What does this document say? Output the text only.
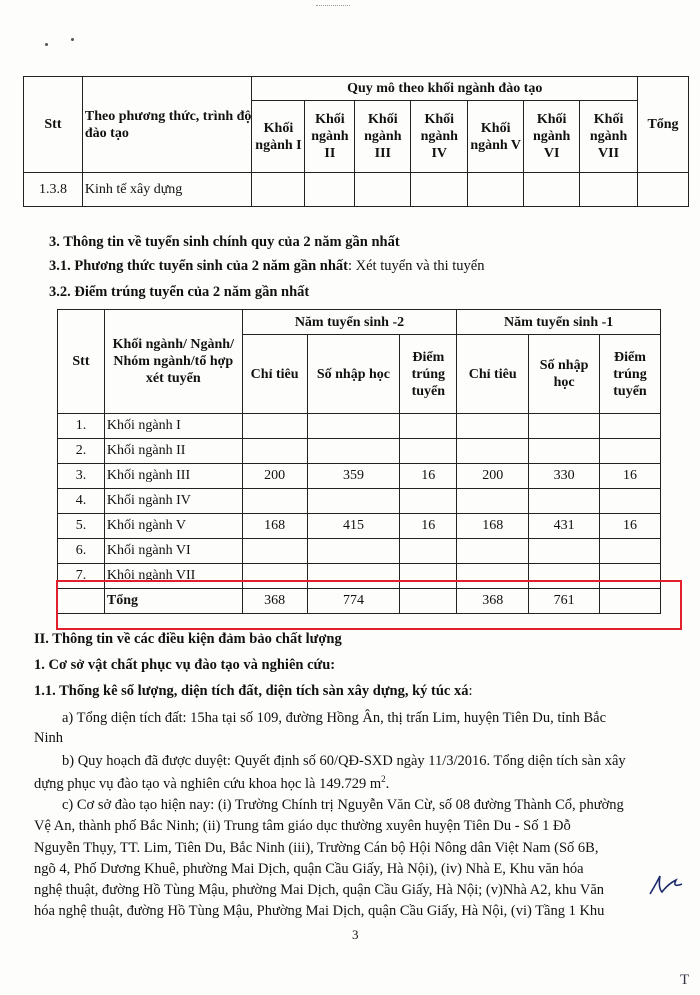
Stt	Theo phương thức, trình độ đào tạo	Quy mô theo khối ngành đào tạo							Tổng
		Khối ngành I	Khối ngành II	Khối ngành III	Khối ngành IV	Khối ngành V	Khối ngành VI	Khối ngành VII	
1.3.8	Kinh tế xây dựng								
3. Thông tin về tuyển sinh chính quy của 2 năm gần nhất
3.1. Phương thức tuyển sinh của 2 năm gần nhất: Xét tuyển và thi tuyển
3.2. Điểm trúng tuyển của 2 năm gần nhất
Stt	Khối ngành/ Ngành/ Nhóm ngành/tổ hợp xét tuyển	Năm tuyển sinh -2			Năm tuyển sinh -1		
		Chỉ tiêu	Số nhập học	Điểm trúng tuyển	Chỉ tiêu	Số nhập học	Điểm trúng tuyển
1.	Khối ngành I						
2.	Khối ngành II						
3.	Khối ngành III	200	359	16	200	330	16
4.	Khối ngành IV						
5.	Khối ngành V	168	415	16	168	431	16
6.	Khối ngành VI						
7.	Khôi ngành VII						
	Tổng	368	774		368	761	
II. Thông tin về các điều kiện đảm bảo chất lượng
1. Cơ sở vật chất phục vụ đào tạo và nghiên cứu:
1.1. Thống kê số lượng, diện tích đất, diện tích sàn xây dựng, ký túc xá:
a) Tổng diện tích đất: 15ha tại số 109, đường Hồng Ân, thị trấn Lim, huyện Tiên Du, tỉnh Bắc
Ninh
b) Quy hoạch đã được duyệt: Quyết định số 60/QĐ-SXD ngày 11/3/2016. Tổng diện tích sàn xây
dựng phục vụ đào tạo và nghiên cứu khoa học là 149.729 $m^2$.
c) Cơ sở đào tạo hiện nay: (i) Trường Chính trị Nguyễn Văn Cừ, số 08 đường Thành Cổ, phường
Vệ An, thành phố Bắc Ninh; (ii) Trung tâm giáo dục thường xuyên huyện Tiên Du - Số 1 Đỗ
Nguyễn Thụy, TT. Lim, Tiên Du, Bắc Ninh (iii), Trường Cán bộ Hội Nông dân Việt Nam (Số 6B,
ngõ 4, Phố Dương Khuê, phường Mai Dịch, quận Cầu Giấy, Hà Nội), (iv) Nhà E, Khu văn hóa
nghệ thuật, đường Hồ Tùng Mậu, phường Mai Dịch, quận Cầu Giấy, Hà Nội; (v)Nhà A2, khu Văn
hóa nghệ thuật, đường Hồ Tùng Mậu, Phường Mai Dịch, quận Cầu Giấy, Hà Nội, (vi) Tầng 1 Khu
3
T
